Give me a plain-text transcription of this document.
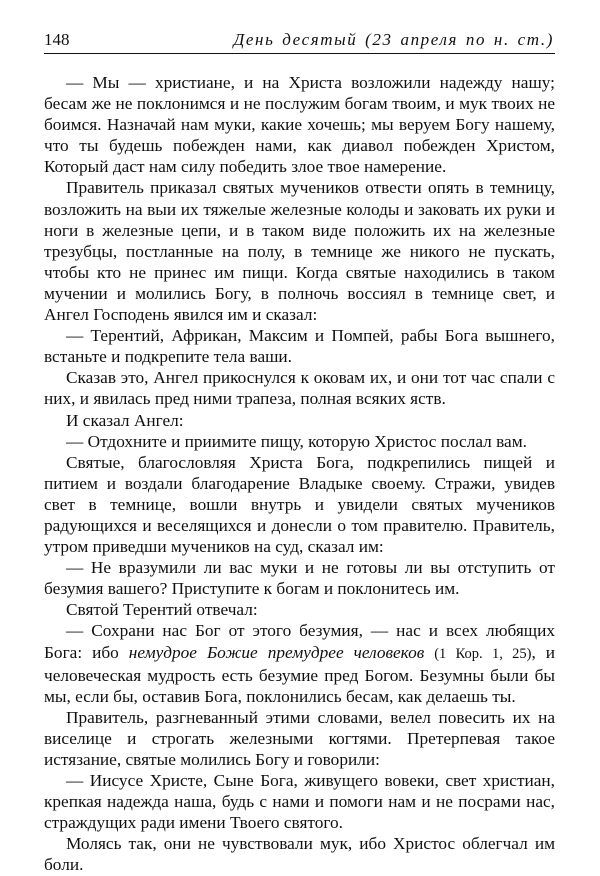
148	День десятый (23 апреля по н. ст.)

— Мы — христиане, и на Христа возложили надежду нашу; бесам же не поклонимся и не послужим богам твоим, и мук твоих не боимся. Назначай нам муки, какие хочешь; мы веруем Богу нашему, что ты будешь побежден нами, как диавол побежден Христом, Который даст нам силу победить злое твое намерение.

Правитель приказал святых мучеников отвести опять в темницу, возложить на выи их тяжелые железные колоды и заковать их руки и ноги в железные цепи, и в таком виде положить их на железные трезубцы, постланные на полу, в темнице же никого не пускать, чтобы кто не принес им пищи. Когда святые находились в таком мучении и молились Богу, в полночь воссиял в темнице свет, и Ангел Господень явился им и сказал:

— Терентий, Африкан, Максим и Помпей, рабы Бога вышнего, встаньте и подкрепите тела ваши.

Сказав это, Ангел прикоснулся к оковам их, и они тот час спали с них, и явилась пред ними трапеза, полная всяких яств.

И сказал Ангел:

— Отдохните и приимите пищу, которую Христос послал вам.

Святые, благословляя Христа Бога, подкрепились пищей и питием и воздали благодарение Владыке своему. Стражи, увидев свет в темнице, вошли внутрь и увидели святых мучеников радующихся и веселящихся и донесли о том правителю. Правитель, утром приведши мучеников на суд, сказал им:

— Не вразумили ли вас муки и не готовы ли вы отступить от безумия вашего? Приступите к богам и поклонитесь им.

Святой Терентий отвечал:

— Сохрани нас Бог от этого безумия, — нас и всех любящих Бога: ибо немудрое Божие премудрее человеков (1 Кор. 1, 25), и человеческая мудрость есть безумие пред Богом. Безумны были бы мы, если бы, оставив Бога, поклонились бесам, как делаешь ты.

Правитель, разгневанный этими словами, велел повесить их на виселице и строгать железными когтями. Претерпевая такое истязание, святые молились Богу и говорили:

— Иисусе Христе, Сыне Бога, живущего вовеки, свет христиан, крепкая надежда наша, будь с нами и помоги нам и не посрами нас, страждущих ради имени Твоего святого.

Молясь так, они не чувствовали мук, ибо Христос облегчал им боли.
